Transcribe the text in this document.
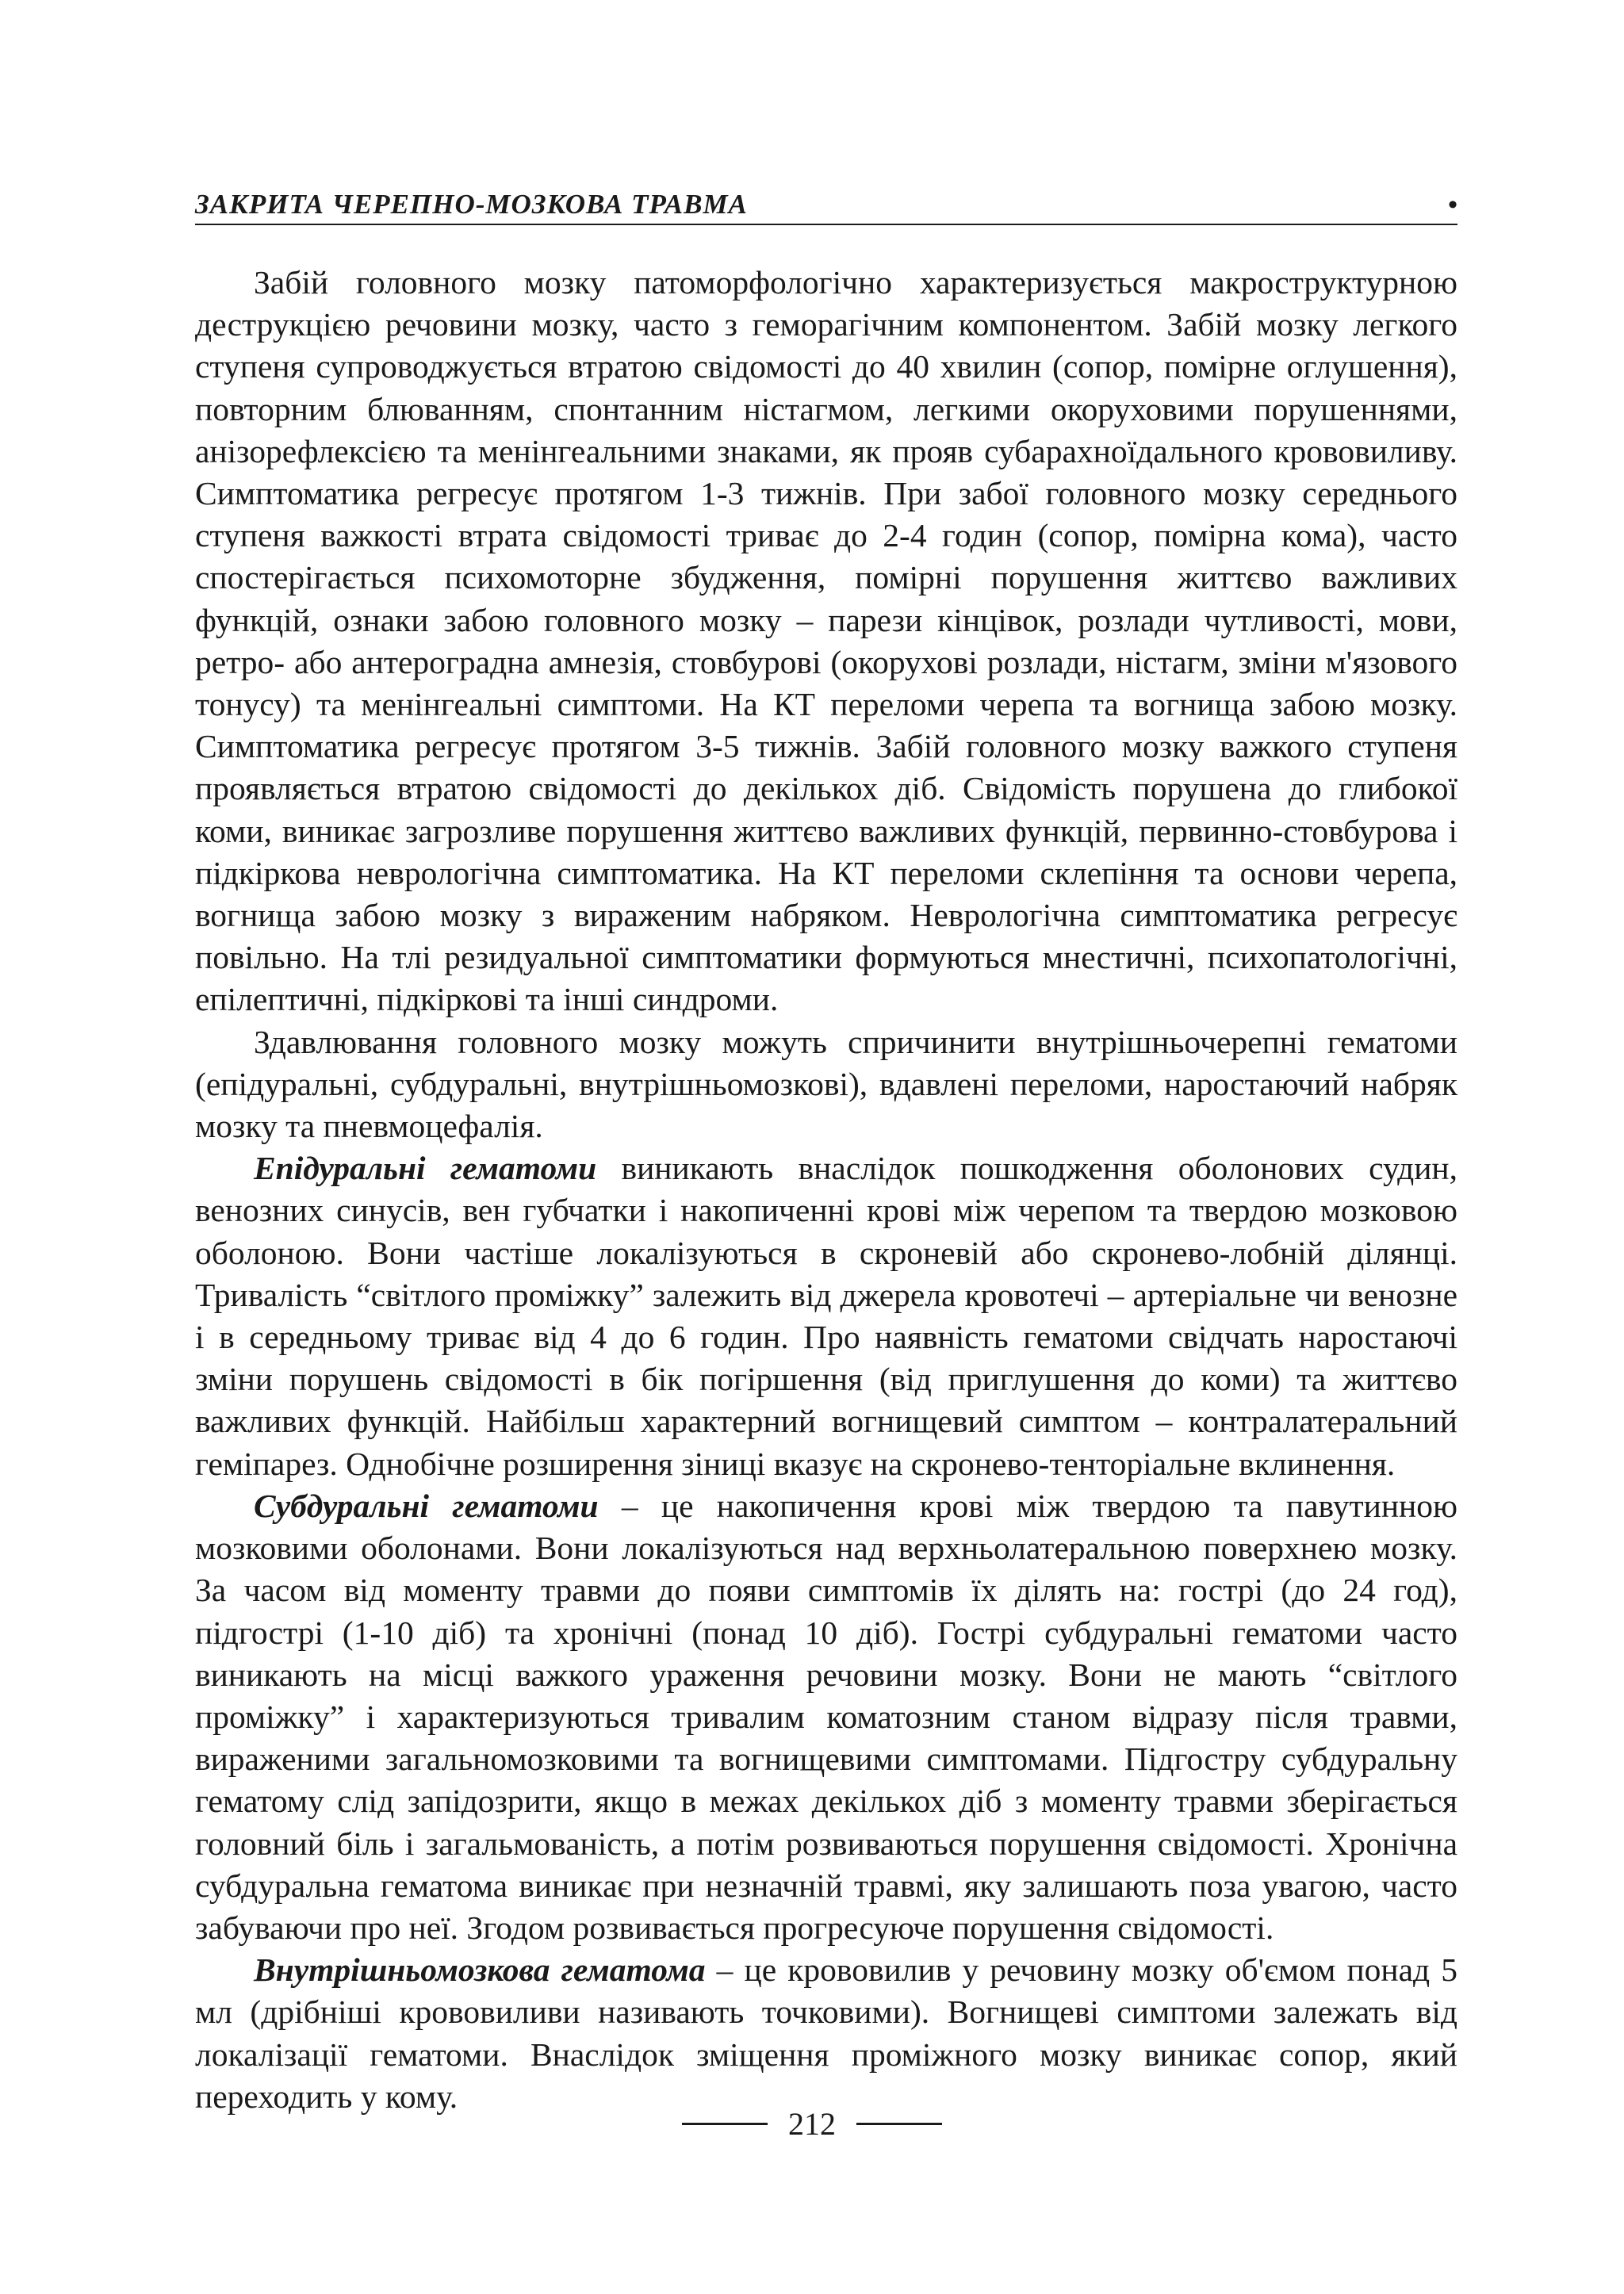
ЗАКРИТА ЧЕРЕПНО-МОЗКОВА ТРАВМА	•

Забій головного мозку патоморфологічно характеризується макроструктурною деструкцією речовини мозку, часто з геморагічним компонентом. Забій мозку легкого ступеня супроводжується втратою свідомості до 40 хвилин (сопор, помірне оглушення), повторним блюванням, спонтанним ністагмом, легкими окоруховими порушеннями, анізорефлексією та менінгеальними знаками, як прояв субарахноїдального крововиливу. Симптоматика регресує протягом 1-3 тижнів. При забої головного мозку середнього ступеня важкості втрата свідомості триває до 2-4 годин (сопор, помірна кома), часто спостерігається психомоторне збудження, помірні порушення життєво важливих функцій, ознаки забою головного мозку – парези кінцівок, розлади чутливості, мови, ретро- або антероградна амнезія, стовбурові (окорухові розлади, ністагм, зміни м'язового тонусу) та менінгеальні симптоми. На КТ переломи черепа та вогнища забою мозку. Симптоматика регресує протягом 3-5 тижнів. Забій головного мозку важкого ступеня проявляється втратою свідомості до декількох діб. Свідомість порушена до глибокої коми, виникає загрозливе порушення життєво важливих функцій, первинно-стовбурова і підкіркова неврологічна симптоматика. На КТ переломи склепіння та основи черепа, вогнища забою мозку з вираженим набряком. Неврологічна симптоматика регресує повільно. На тлі резидуальної симптоматики формуються мнестичні, психопатологічні, епілептичні, підкіркові та інші синдроми.

Здавлювання головного мозку можуть спричинити внутрішньочерепні гематоми (епідуральні, субдуральні, внутрішньомозкові), вдавлені переломи, наростаючий набряк мозку та пневмоцефалія.

Епідуральні гематоми виникають внаслідок пошкодження оболонових судин, венозних синусів, вен губчатки і накопиченні крові між черепом та твердою мозковою оболоною. Вони частіше локалізуються в скроневій або скронево-лобній ділянці. Тривалість “світлого проміжку” залежить від джерела кровотечі – артеріальне чи венозне і в середньому триває від 4 до 6 годин. Про наявність гематоми свідчать наростаючі зміни порушень свідомості в бік погіршення (від приглушення до коми) та життєво важливих функцій. Найбільш характерний вогнищевий симптом – контралатеральний геміпарез. Однобічне розширення зіниці вказує на скронево-тенторіальне вклинення.

Субдуральні гематоми – це накопичення крові між твердою та павутинною мозковими оболонами. Вони локалізуються над верхньолатеральною поверхнею мозку. За часом від моменту травми до появи симптомів їх ділять на: гострі (до 24 год), підгострі (1-10 діб) та хронічні (понад 10 діб). Гострі субдуральні гематоми часто виникають на місці важкого ураження речовини мозку. Вони не мають “світлого проміжку” і характеризуються тривалим коматозним станом відразу після травми, вираженими загальномозковими та вогнищевими симптомами. Підгостру субдуральну гематому слід запідозрити, якщо в межах декількох діб з моменту травми зберігається головний біль і загальмованість, а потім розвиваються порушення свідомості. Хронічна субдуральна гематома виникає при незначній травмі, яку залишають поза увагою, часто забуваючи про неї. Згодом розвивається прогресуюче порушення свідомості.

Внутрішньомозкова гематома – це крововилив у речовину мозку об'ємом понад 5 мл (дрібніші крововиливи називають точковими). Вогнищеві симптоми залежать від локалізації гематоми. Внаслідок зміщення проміжного мозку виникає сопор, який переходить у кому.

212
